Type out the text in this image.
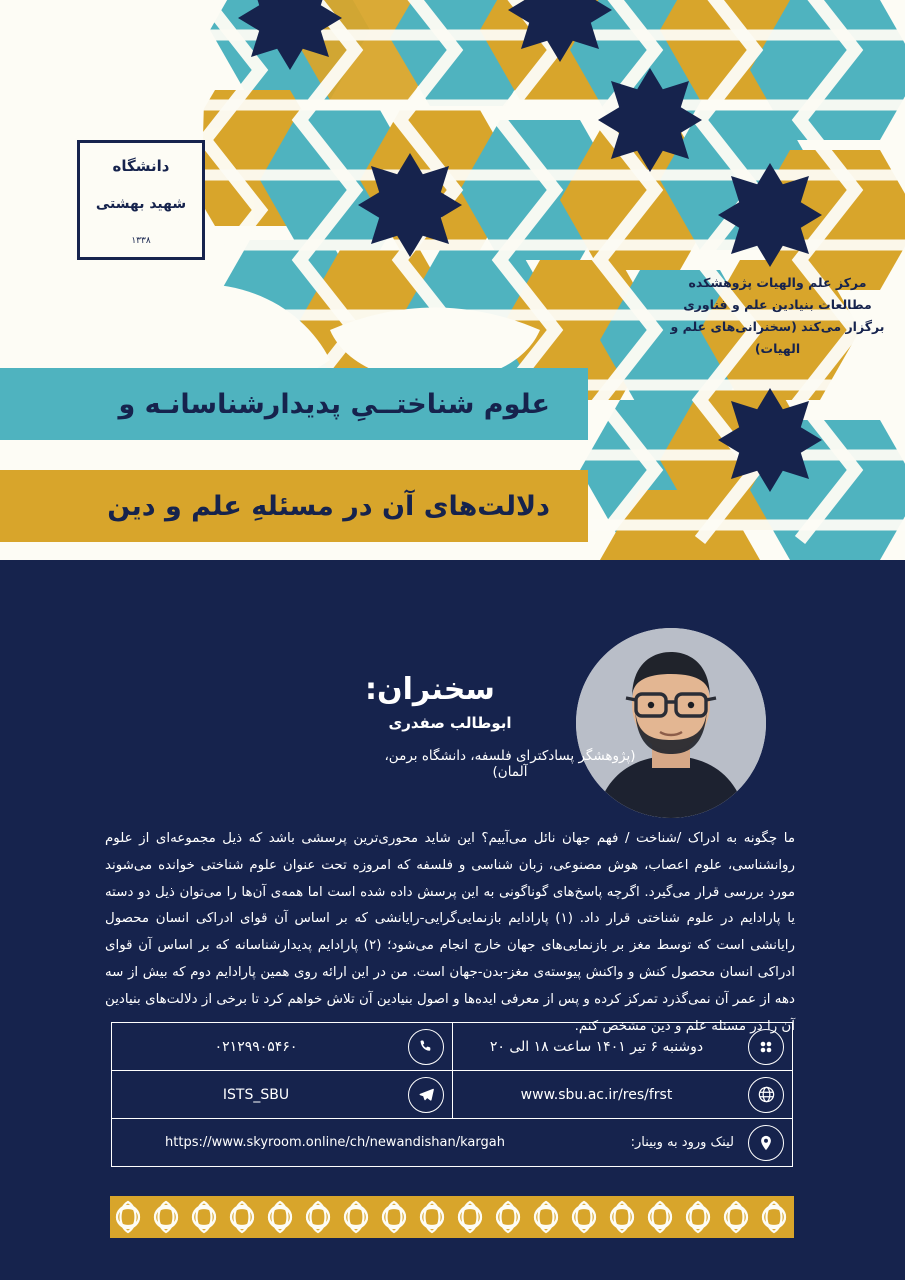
دانشگاه
شهید بهشتی
۱۳۳۸
مرکز علم والهیات پژوهشکده مطالعات بنیادین علم و فناوری برگزار می‌کند (سخنرانی‌های علم و الهیات)
علوم شناختــیِ پدیدارشناسانـه و
دلالت‌های آن در مسئلهِ علم و دین
سخنران:
ابوطالب صفدری
(پژوهشگر پسادکترای فلسفه، دانشگاه برمن، آلمان)
ما چگونه به ادراک /شناخت / فهم جهان نائل می‌آییم؟ این شاید محوری‌ترین پرسشی باشد که ذیل مجموعه‌ای از علوم روانشناسی، علوم اعصاب، هوش مصنوعی، زبان شناسی و فلسفه که امروزه تحت عنوان علوم شناختی خوانده می‌شوند مورد بررسی قرار می‌گیرد. اگرچه پاسخ‌های گوناگونی به این پرسش داده شده است اما همه‌ی آن‌ها را می‌توان ذیل دو دسته یا پارادایم در علوم شناختی قرار داد. (۱) پارادایم بازنمایی‌گرایی-رایانشی که بر اساس آن قوای ادراکی انسان محصول رایانشی است که توسط مغز بر بازنمایی‌های جهان خارج انجام می‌شود؛ (۲) پارادایم پدیدارشناسانه که بر اساس آن قوای ادراکی انسان محصول کنش و واکنش پیوسته‌ی مغز-بدن-جهان است. من در این ارائه روی همین پارادایم دوم که بیش از سه دهه از عمر آن نمی‌گذرد تمرکز کرده و پس از معرفی ایده‌ها و اصول بنیادین آن تلاش خواهم کرد تا برخی از دلالت‌های بنیادین آن را در مسئله علم و دین مشخص کنم.
دوشنبه ۶ تیر ۱۴۰۱ ساعت ۱۸ الی ۲۰
۰۲۱۲۹۹۰۵۴۶۰
www.sbu.ac.ir/res/frst
ISTS_SBU
لینک ورود به وبینار:
https://www.skyroom.online/ch/newandishan/kargah
